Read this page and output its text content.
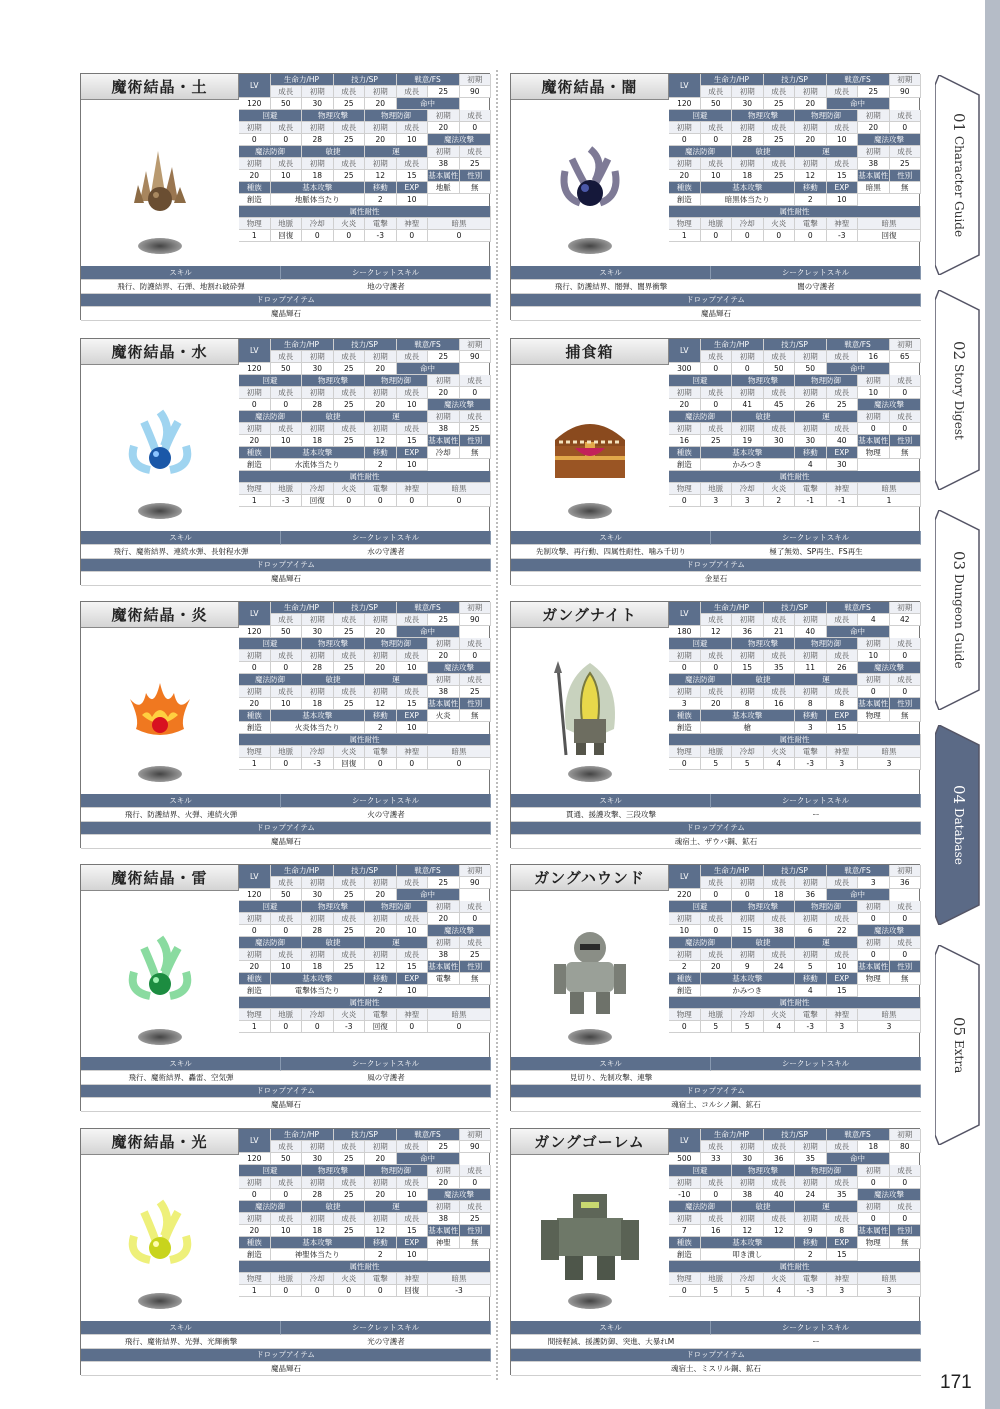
魔術結晶・土	LV
生命力/HP	技力/SP	戦意/FS	初期
成長	初期	成長	初期	成長	25	90
120	50	30	25	20	命中
回避	物理攻撃	物理防御	初期	成長
初期	成長	初期	成長	初期	成長	20	0
0	0	28	25	20	10	魔法攻撃
魔法防御	敏捷	運	初期	成長
初期	成長	初期	成長	初期	成長	38	25
20	10	18	25	12	15	基本属性	性別
種族	基本攻撃	移動	EXP	地脈	無
創造	地脈体当たり	2	10
属性耐性
物理	地脈	冷却	火炎	電撃	神聖	暗黒
1	回復	0	0	-3	0	0
スキル	シークレットスキル
飛行、防護結界、石弾、地割れ破砕弾	地の守護者
ドロップアイテム
魔晶輝石
魔術結晶・闇	LV
生命力/HP	技力/SP	戦意/FS	初期
成長	初期	成長	初期	成長	25	90
120	50	30	25	20	命中
回避	物理攻撃	物理防御	初期	成長
初期	成長	初期	成長	初期	成長	20	0
0	0	28	25	20	10	魔法攻撃
魔法防御	敏捷	運	初期	成長
初期	成長	初期	成長	初期	成長	38	25
20	10	18	25	12	15	基本属性	性別
種族	基本攻撃	移動	EXP	暗黒	無
創造	暗黒体当たり	2	10
属性耐性
物理	地脈	冷却	火炎	電撃	神聖	暗黒
1	0	0	0	0	-3	回復
スキル	シークレットスキル
飛行、防護結界、闇弾、闇界衝撃	闇の守護者
ドロップアイテム
魔晶輝石
魔術結晶・水	LV
生命力/HP	技力/SP	戦意/FS	初期
成長	初期	成長	初期	成長	25	90
120	50	30	25	20	命中
回避	物理攻撃	物理防御	初期	成長
初期	成長	初期	成長	初期	成長	20	0
0	0	28	25	20	10	魔法攻撃
魔法防御	敏捷	運	初期	成長
初期	成長	初期	成長	初期	成長	38	25
20	10	18	25	12	15	基本属性	性別
種族	基本攻撃	移動	EXP	冷却	無
創造	水流体当たり	2	10
属性耐性
物理	地脈	冷却	火炎	電撃	神聖	暗黒
1	-3	回復	0	0	0	0
スキル	シークレットスキル
飛行、魔術結界、連続水弾、長射程水弾	水の守護者
ドロップアイテム
魔晶輝石
捕食箱	LV
生命力/HP	技力/SP	戦意/FS	初期
成長	初期	成長	初期	成長	16	65
300	0	0	50	50	命中
回避	物理攻撃	物理防御	初期	成長
初期	成長	初期	成長	初期	成長	10	0
20	0	41	45	26	25	魔法攻撃
魔法防御	敏捷	運	初期	成長
初期	成長	初期	成長	初期	成長	0	0
16	25	19	30	30	40	基本属性	性別
種族	基本攻撃	移動	EXP	物理	無
創造	かみつき	4	30
属性耐性
物理	地脈	冷却	火炎	電撃	神聖	暗黒
0	3	3	2	-1	-1	1
スキル	シークレットスキル
先制攻撃、再行動、四属性耐性、噛み千切り	極了無効、SP再生、FS再生
ドロップアイテム
金星石
魔術結晶・炎	LV
生命力/HP	技力/SP	戦意/FS	初期
成長	初期	成長	初期	成長	25	90
120	50	30	25	20	命中
回避	物理攻撃	物理防御	初期	成長
初期	成長	初期	成長	初期	成長	20	0
0	0	28	25	20	10	魔法攻撃
魔法防御	敏捷	運	初期	成長
初期	成長	初期	成長	初期	成長	38	25
20	10	18	25	12	15	基本属性	性別
種族	基本攻撃	移動	EXP	火炎	無
創造	火炎体当たり	2	10
属性耐性
物理	地脈	冷却	火炎	電撃	神聖	暗黒
1	0	-3	回復	0	0	0
スキル	シークレットスキル
飛行、防護結界、火弾、連続火弾	火の守護者
ドロップアイテム
魔晶輝石
ガングナイト	LV
生命力/HP	技力/SP	戦意/FS	初期
成長	初期	成長	初期	成長	4	42
180	12	36	21	40	命中
回避	物理攻撃	物理防御	初期	成長
初期	成長	初期	成長	初期	成長	10	0
0	0	15	35	11	26	魔法攻撃
魔法防御	敏捷	運	初期	成長
初期	成長	初期	成長	初期	成長	0	0
3	20	8	16	8	8	基本属性	性別
種族	基本攻撃	移動	EXP	物理	無
創造	槍	3	15
属性耐性
物理	地脈	冷却	火炎	電撃	神聖	暗黒
0	5	5	4	-3	3	3
スキル	シークレットスキル
貫通、援護攻撃、三段攻撃	ー
ドロップアイテム
魂宿土、ザウバ鋼、鉱石
魔術結晶・雷	LV
生命力/HP	技力/SP	戦意/FS	初期
成長	初期	成長	初期	成長	25	90
120	50	30	25	20	命中
回避	物理攻撃	物理防御	初期	成長
初期	成長	初期	成長	初期	成長	20	0
0	0	28	25	20	10	魔法攻撃
魔法防御	敏捷	運	初期	成長
初期	成長	初期	成長	初期	成長	38	25
20	10	18	25	12	15	基本属性	性別
種族	基本攻撃	移動	EXP	電撃	無
創造	電撃体当たり	2	10
属性耐性
物理	地脈	冷却	火炎	電撃	神聖	暗黒
1	0	0	-3	回復	0	0
スキル	シークレットスキル
飛行、魔術結界、轟雷、空気弾	風の守護者
ドロップアイテム
魔晶輝石
ガングハウンド	LV
生命力/HP	技力/SP	戦意/FS	初期
成長	初期	成長	初期	成長	3	36
220	0	0	18	36	命中
回避	物理攻撃	物理防御	初期	成長
初期	成長	初期	成長	初期	成長	0	0
10	0	15	38	6	22	魔法攻撃
魔法防御	敏捷	運	初期	成長
初期	成長	初期	成長	初期	成長	0	0
2	20	9	24	5	10	基本属性	性別
種族	基本攻撃	移動	EXP	物理	無
創造	かみつき	4	15
属性耐性
物理	地脈	冷却	火炎	電撃	神聖	暗黒
0	5	5	4	-3	3	3
スキル	シークレットスキル
見切り、先制攻撃、連撃
ドロップアイテム
魂宿土、コルシノ鋼、鉱石
魔術結晶・光	LV
生命力/HP	技力/SP	戦意/FS	初期
成長	初期	成長	初期	成長	25	90
120	50	30	25	20	命中
回避	物理攻撃	物理防御	初期	成長
初期	成長	初期	成長	初期	成長	20	0
0	0	28	25	20	10	魔法攻撃
魔法防御	敏捷	運	初期	成長
初期	成長	初期	成長	初期	成長	38	25
20	10	18	25	12	15	基本属性	性別
種族	基本攻撃	移動	EXP	神聖	無
創造	神聖体当たり	2	10
属性耐性
物理	地脈	冷却	火炎	電撃	神聖	暗黒
1	0	0	0	0	回復	-3
スキル	シークレットスキル
飛行、魔術結界、光弾、光輝衝撃	光の守護者
ドロップアイテム
魔晶輝石
ガングゴーレム	LV
生命力/HP	技力/SP	戦意/FS	初期
成長	初期	成長	初期	成長	18	80
500	33	30	36	35	命中
回避	物理攻撃	物理防御	初期	成長
初期	成長	初期	成長	初期	成長	0	0
-10	0	38	40	24	35	魔法攻撃
魔法防御	敏捷	運	初期	成長
初期	成長	初期	成長	初期	成長	0	0
7	16	12	12	9	8	基本属性	性別
種族	基本攻撃	移動	EXP	物理	無
創造	叩き潰し	2	15
属性耐性
物理	地脈	冷却	火炎	電撃	神聖	暗黒
0	5	5	4	-3	3	3
スキル	シークレットスキル
間接軽減、援護防御、突進、大暴れM	ー
ドロップアイテム
魂宿土、ミスリル鋼、鉱石
01
Character Guide
02
Story Digest
03
Dungeon Guide
04
Database
05
Extra
171
